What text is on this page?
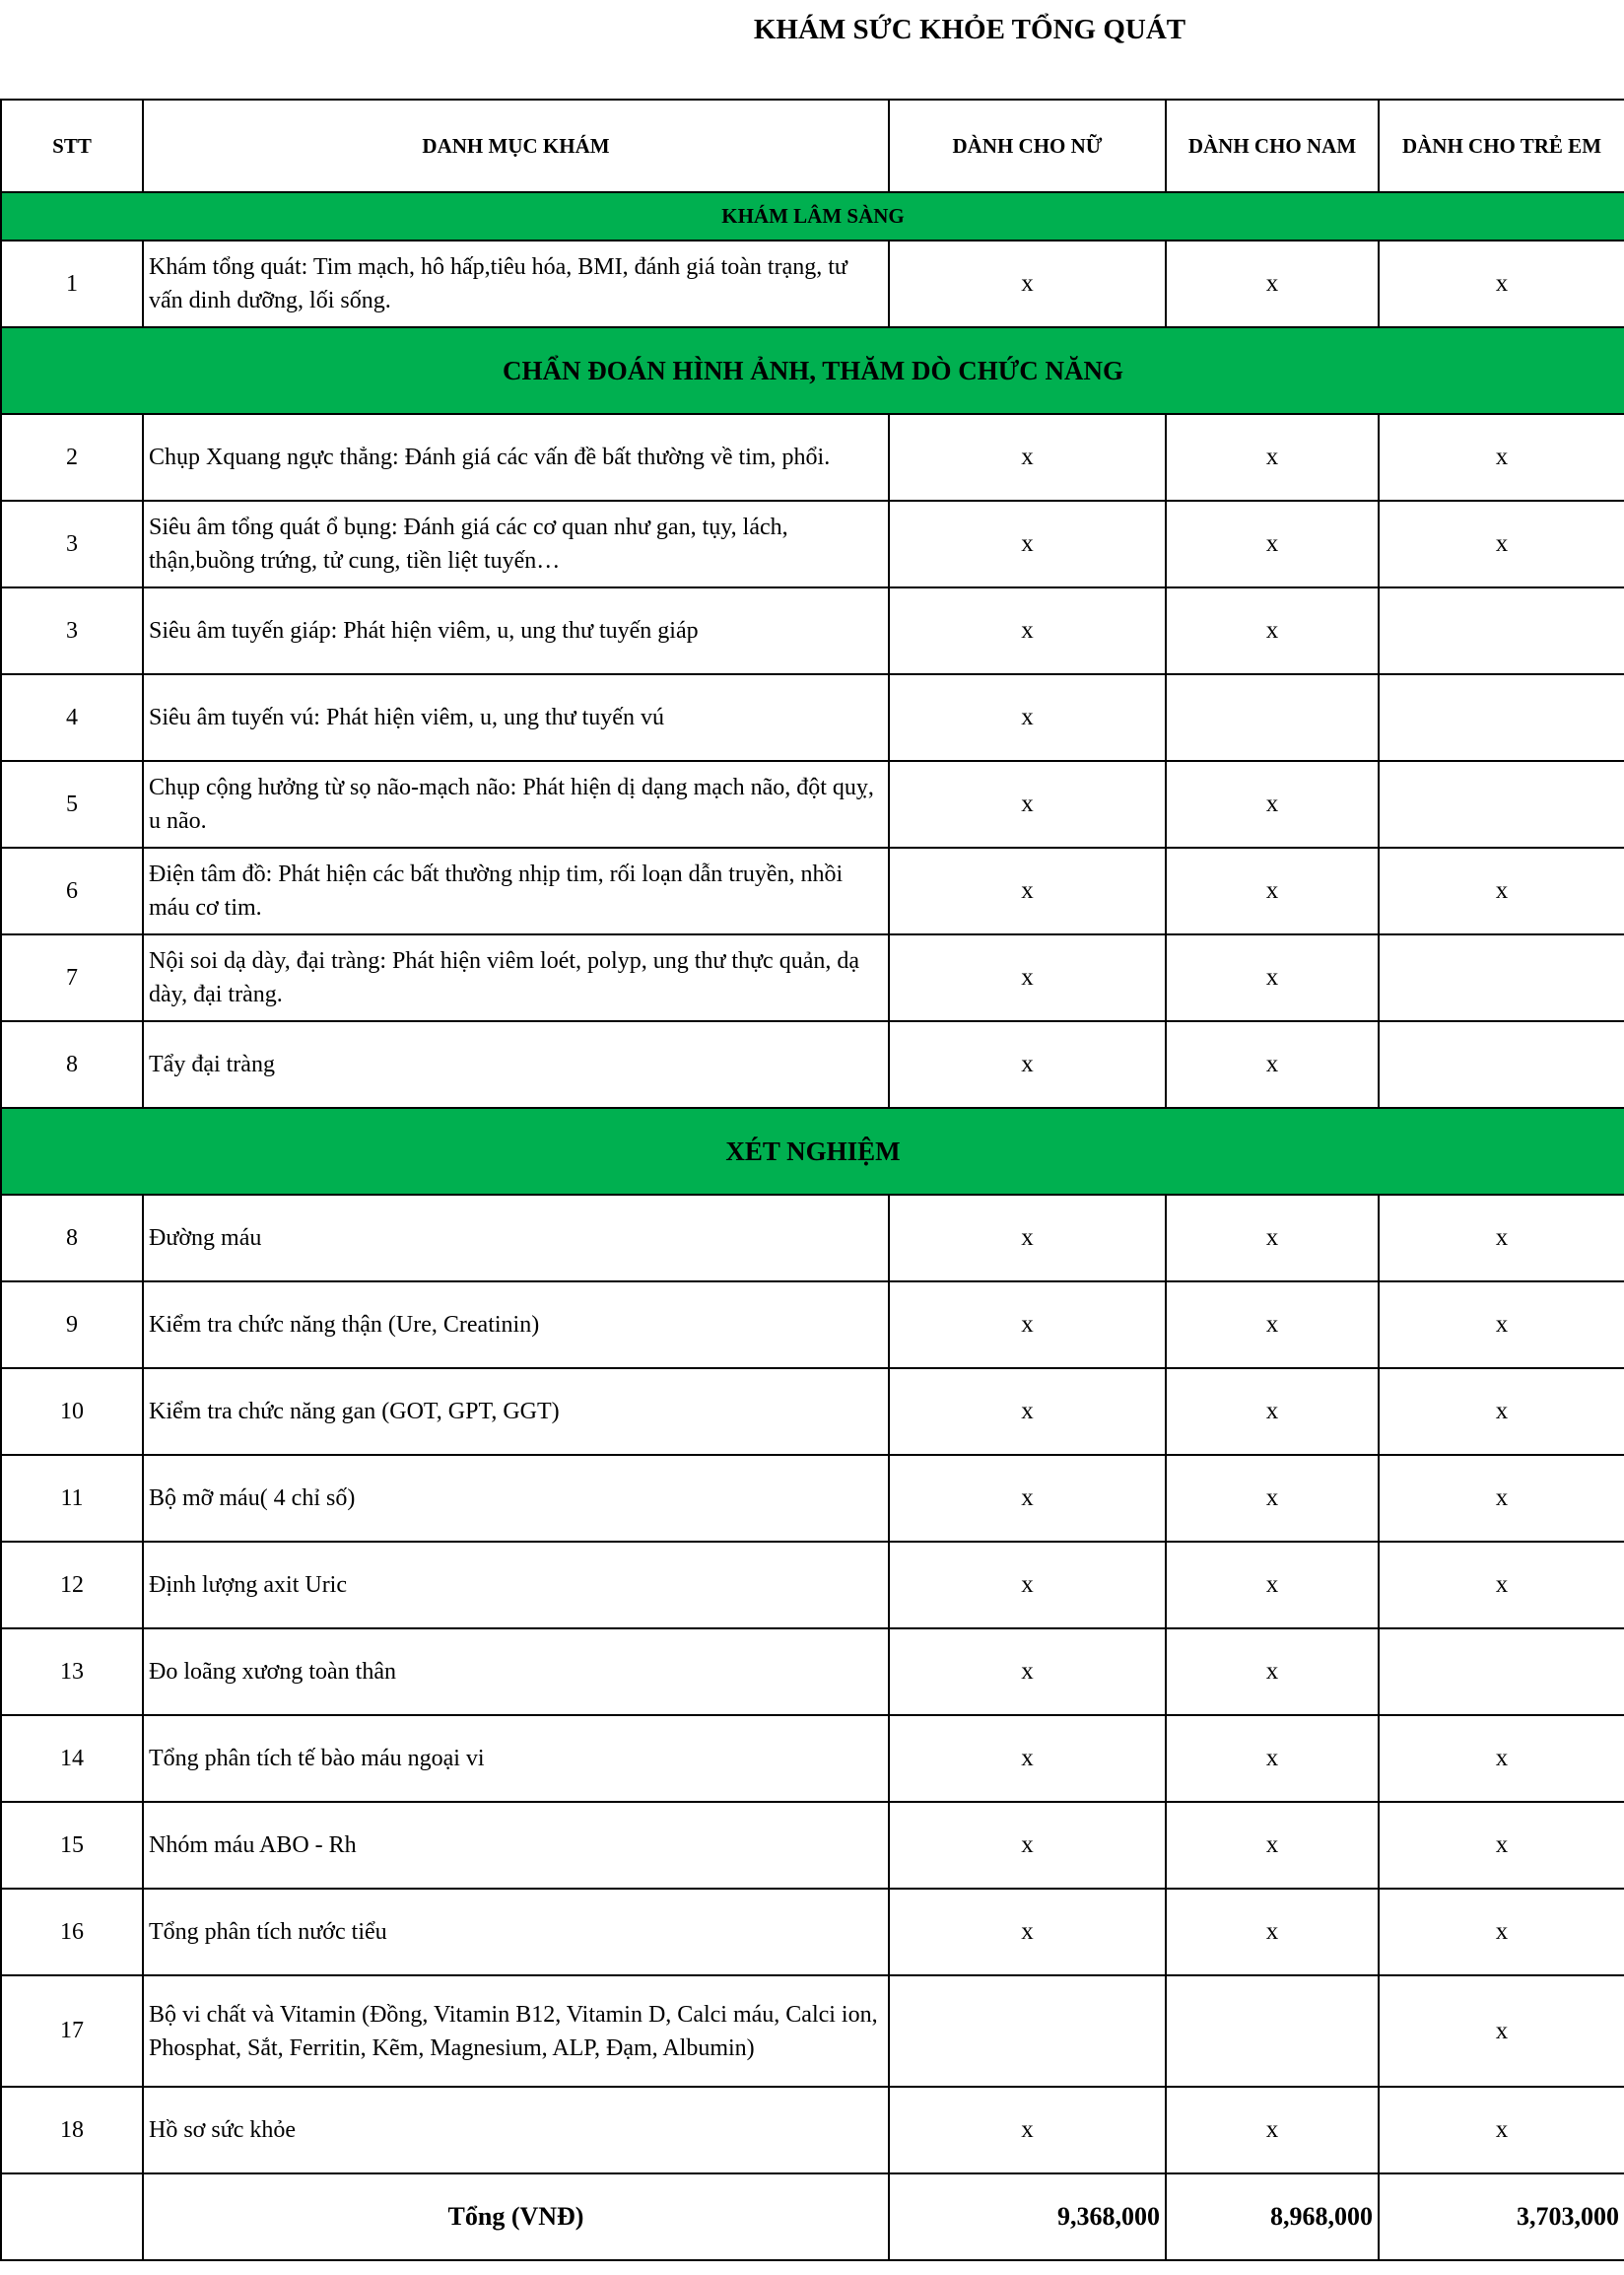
KHÁM SỨC KHỎE TỔNG QUÁT
STT	DANH MỤC KHÁM	DÀNH CHO NỮ	DÀNH CHO NAM	DÀNH CHO TRẺ EM
KHÁM LÂM SÀNG				
1	Khám tổng quát: Tim mạch, hô hấp,tiêu hóa, BMI, đánh giá toàn trạng, tư vấn dinh dưỡng, lối sống.	x	x	x
CHẨN ĐOÁN HÌNH ẢNH, THĂM DÒ CHỨC NĂNG				
2	Chụp Xquang ngực thẳng: Đánh giá các vấn đề bất thường về tim, phổi.	x	x	x
3	Siêu âm tổng quát ổ bụng: Đánh giá các cơ quan như gan, tụy, lách, thận,buồng trứng, tử cung, tiền liệt tuyến…	x	x	x
3	Siêu âm tuyến giáp: Phát hiện viêm, u, ung thư tuyến giáp	x	x	
4	Siêu âm tuyến vú: Phát hiện viêm, u, ung thư tuyến vú	x		
5	Chụp cộng hưởng từ sọ não-mạch não: Phát hiện dị dạng mạch não, đột quỵ, u não.	x	x	
6	Điện tâm đồ: Phát hiện các bất thường nhịp tim, rối loạn dẫn truyền, nhồi máu cơ tim.	x	x	x
7	Nội soi dạ dày, đại tràng: Phát hiện viêm loét, polyp, ung thư thực quản, dạ dày, đại tràng.	x	x	
8	Tẩy đại tràng	x	x	
XÉT NGHIỆM				
8	Đường máu	x	x	x
9	Kiểm tra chức năng thận (Ure, Creatinin)	x	x	x
10	Kiểm tra chức năng gan (GOT, GPT, GGT)	x	x	x
11	Bộ mỡ máu( 4 chỉ số)	x	x	x
12	Định lượng axit Uric	x	x	x
13	Đo loãng xương toàn thân	x	x	
14	Tổng phân tích tế bào máu ngoại vi	x	x	x
15	Nhóm máu ABO - Rh	x	x	x
16	Tổng phân tích nước tiểu	x	x	x
17	Bộ vi chất và Vitamin (Đồng, Vitamin B12, Vitamin D, Calci máu, Calci ion, Phosphat, Sắt, Ferritin, Kẽm, Magnesium, ALP, Đạm, Albumin)			x
18	Hồ sơ sức khỏe	x	x	x
	Tổng (VNĐ)	9,368,000	8,968,000	3,703,000
